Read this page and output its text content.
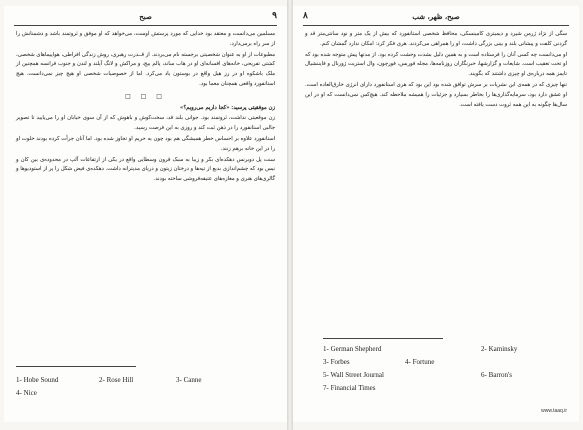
صبح	۹

مسلمین می‌دانست و معتقد بود خدایی که مورد پرستش اوست، می‌خواهد که او موفق و ثروتمند باشد و دشمنانش را از سر راه برمی‌دارد.

مطبوعات از او به عنوان شخصیتی برجسته نام می‌بردند. از قــدرت رهبری، روش زندگی افراطی، هواپیماهای شخصی، کشتی تفریحی، خانه‌های افسانه‌ای او در هاب ساند، پالم بیچ، و مراکش و لانگ آیلند و لندن و جنوب فرانسه همچنین از ملک باشکوه او در رز هیل واقع در بوستون یاد می‌کرد. اما از خصوصیات شخصی او هیچ چیز نمی‌دانست. هیچ استانفورد واقعی همچنان معما بود.

□ □ □

زن موفقیتی پرسید: «کجا داریم می‌رویم؟»

زن موقعیتی نداشت، ثروتمند بود. جوانی بلند قد، سخت‌کوش و باهوش که از آن سوی خیابان او را می‌پایید تا تصویر جالبی استانفورد را در ذهن ثبت کند و روزی به این فرصت رسید.

استانفورد علاوه بر احساس خطر همیشگی هم بود چون به حریم او تجاوز شده بود. اما آنان جرأت کرده بودند خلوت او را در این خانه برهم زنند.

سنت پل دوبرنس دهکده‌ای بکر و زیبا به سبک قرون وسطایی واقع در یکی از ارتفاعات آلپ در محدوده‌ی بین کان و نیس بود که چشم‌اندازی بدیع از تپه‌ها و درختان زیتون و دریای مدیترانه داشت. دهکده‌ی فیض شکل را پر از استودیوها و گالری‌های هنری و مغازه‌های عتیقه‌فروشی ساخته بودند.

1- Hobe Sound	2- Rose Hill	3- Canne
4- Nice
صبح، ظهر، شب
۸

سگی از نژاد ژرمن شپرد و دیمیتری کامینسکی، محافظ شخصی استانفورد که بیش از یک متر و نود سانتی‌متر قد و گردنی کلفت و پیشانی بلند و بینی بزرگی داشت، او را همراهی می‌کردند. هری فکر کرد: امکان ندارد گمشان کنم.

او می‌دانست چه کسی آنان را فرستاده است و به همین دلیل بشدت وحشت کرده بود. از مدتها پیش متوجه شده بود که او تحت تعقیب است. شایعات و گزارشها، خبرنگاران روزنامه‌ها، مجله فوربس، فورچون، وال استریت ژورنال و فایننشیال تایمز همه درباره‌ی او چیزی داشتند که بگویند.

تنها چیزی که در همه‌ی این نشریات بر سرش توافق شده بود این بود که هری استانفورد دارای انرژی خارق‌العاده است. او عشق دارد بود، سرمایه‌گذاری‌ها را بخاطر بسپارد و جزئیات را همیشه ملاحظه کند. هیچ‌کس نمی‌دانست که او در این سال‌ها چگونه به این همه ثروت دست یافته است.

1- German Shepherd	2- Kaminsky
3- Forbes	4- Fortune
5- Wall Street Journal	6- Barron's
7- Financial Times
www.taaq.ir
